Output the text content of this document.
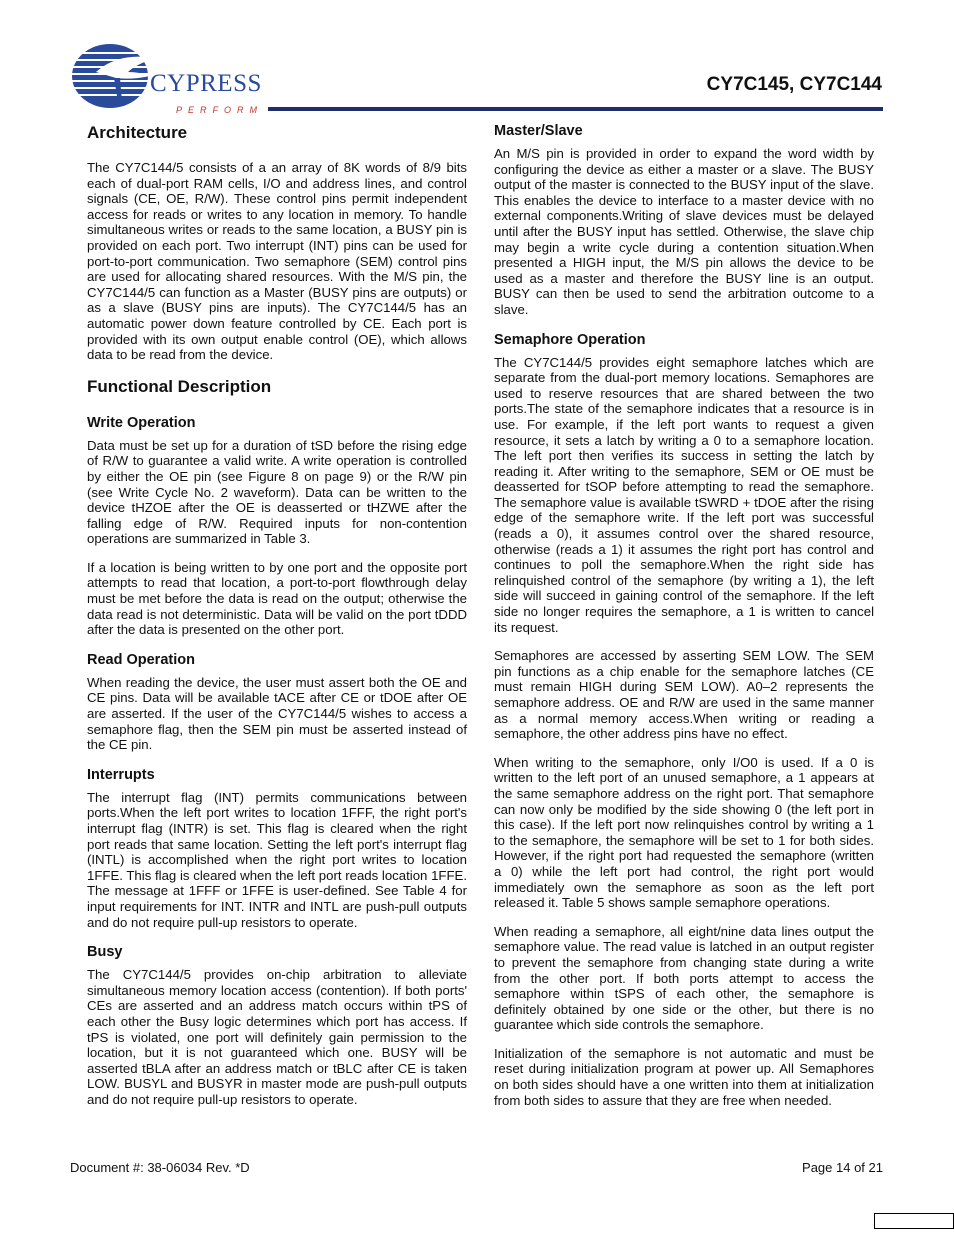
CYPRESS
PERFORM
CY7C145, CY7C144
Architecture

The CY7C144/5 consists of a an array of 8K words of 8/9 bits each of dual-port RAM cells, I/O and address lines, and control signals (CE, OE, R/W). These control pins permit independent access for reads or writes to any location in memory. To handle simultaneous writes or reads to the same location, a BUSY pin is provided on each port. Two interrupt (INT) pins can be used for port-to-port communication. Two semaphore (SEM) control pins are used for allocating shared resources. With the M/S pin, the CY7C144/5 can function as a Master (BUSY pins are outputs) or as a slave (BUSY pins are inputs). The CY7C144/5 has an automatic power down feature controlled by CE. Each port is provided with its own output enable control (OE), which allows data to be read from the device.

Functional Description
Write Operation

Data must be set up for a duration of tSD before the rising edge of R/W to guarantee a valid write. A write operation is controlled by either the OE pin (see Figure 8 on page 9) or the R/W pin (see Write Cycle No. 2 waveform). Data can be written to the device tHZOE after the OE is deasserted or tHZWE after the falling edge of R/W. Required inputs for non-contention operations are summarized in Table 3.

If a location is being written to by one port and the opposite port attempts to read that location, a port-to-port flowthrough delay must be met before the data is read on the output; otherwise the data read is not deterministic. Data will be valid on the port tDDD after the data is presented on the other port.

Read Operation

When reading the device, the user must assert both the OE and CE pins. Data will be available tACE after CE or tDOE after OE are asserted. If the user of the CY7C144/5 wishes to access a semaphore flag, then the SEM pin must be asserted instead of the CE pin.

Interrupts

The interrupt flag (INT) permits communications between ports.When the left port writes to location 1FFF, the right port's interrupt flag (INTR) is set. This flag is cleared when the right port reads that same location. Setting the left port's interrupt flag (INTL) is accomplished when the right port writes to location 1FFE. This flag is cleared when the left port reads location 1FFE. The message at 1FFF or 1FFE is user-defined. See Table 4 for input requirements for INT. INTR and INTL are push-pull outputs and do not require pull-up resistors to operate.

Busy

The CY7C144/5 provides on-chip arbitration to alleviate simultaneous memory location access (contention). If both ports' CEs are asserted and an address match occurs within tPS of each other the Busy logic determines which port has access. If tPS is violated, one port will definitely gain permission to the location, but it is not guaranteed which one. BUSY will be asserted tBLA after an address match or tBLC after CE is taken LOW. BUSYL and BUSYR in master mode are push-pull outputs and do not require pull-up resistors to operate.

Master/Slave

An M/S pin is provided in order to expand the word width by configuring the device as either a master or a slave. The BUSY output of the master is connected to the BUSY input of the slave. This enables the device to interface to a master device with no external components.Writing of slave devices must be delayed until after the BUSY input has settled. Otherwise, the slave chip may begin a write cycle during a contention situation.When presented a HIGH input, the M/S pin allows the device to be used as a master and therefore the BUSY line is an output. BUSY can then be used to send the arbitration outcome to a slave.

Semaphore Operation

The CY7C144/5 provides eight semaphore latches which are separate from the dual-port memory locations. Semaphores are used to reserve resources that are shared between the two ports.The state of the semaphore indicates that a resource is in use. For example, if the left port wants to request a given resource, it sets a latch by writing a 0 to a semaphore location. The left port then verifies its success in setting the latch by reading it. After writing to the semaphore, SEM or OE must be deasserted for tSOP before attempting to read the semaphore. The semaphore value is available tSWRD + tDOE after the rising edge of the semaphore write. If the left port was successful (reads a 0), it assumes control over the shared resource, otherwise (reads a 1) it assumes the right port has control and continues to poll the semaphore.When the right side has relinquished control of the semaphore (by writing a 1), the left side will succeed in gaining control of the semaphore. If the left side no longer requires the semaphore, a 1 is written to cancel its request.

Semaphores are accessed by asserting SEM LOW. The SEM pin functions as a chip enable for the semaphore latches (CE must remain HIGH during SEM LOW). A0–2 represents the semaphore address. OE and R/W are used in the same manner as a normal memory access.When writing or reading a semaphore, the other address pins have no effect.

When writing to the semaphore, only I/O0 is used. If a 0 is written to the left port of an unused semaphore, a 1 appears at the same semaphore address on the right port. That semaphore can now only be modified by the side showing 0 (the left port in this case). If the left port now relinquishes control by writing a 1 to the semaphore, the semaphore will be set to 1 for both sides. However, if the right port had requested the semaphore (written a 0) while the left port had control, the right port would immediately own the semaphore as soon as the left port released it. Table 5 shows sample semaphore operations.

When reading a semaphore, all eight/nine data lines output the semaphore value. The read value is latched in an output register to prevent the semaphore from changing state during a write from the other port. If both ports attempt to access the semaphore within tSPS of each other, the semaphore is definitely obtained by one side or the other, but there is no guarantee which side controls the semaphore.

Initialization of the semaphore is not automatic and must be reset during initialization program at power up. All Semaphores on both sides should have a one written into them at initialization from both sides to assure that they are free when needed.

Document #: 38-06034 Rev. *D	Page 14 of 21
